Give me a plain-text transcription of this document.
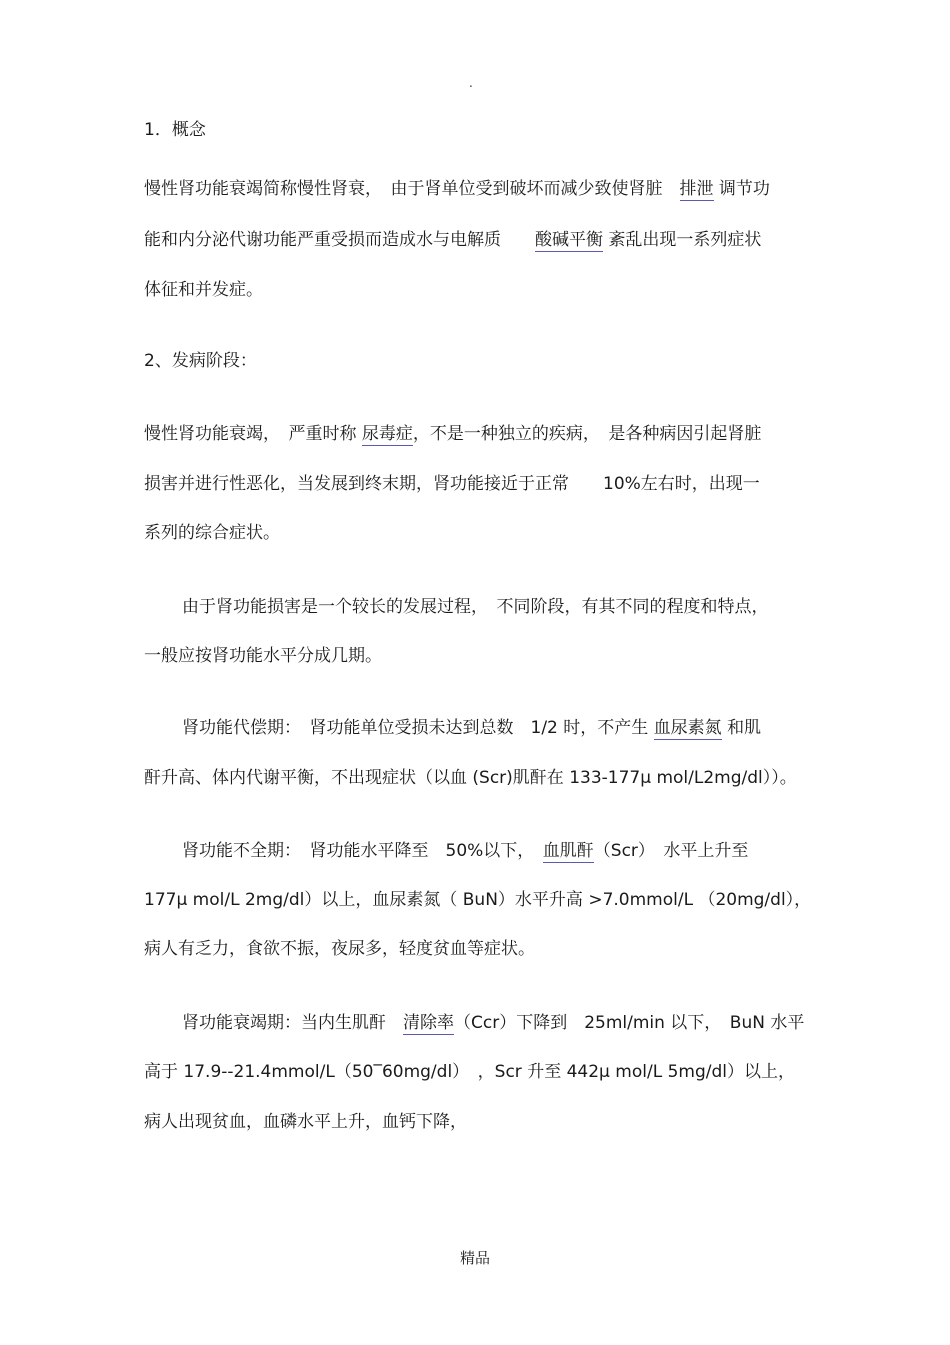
.
1．概念
慢性肾功能衰竭简称慢性肾衰，　由于肾单位受到破坏而减少致使肾脏　排泄 调节功
能和内分泌代谢功能严重受损而造成水与电解质　　酸碱平衡 紊乱出现一系列症状
体征和并发症。
2、发病阶段：
慢性肾功能衰竭，　严重时称 尿毒症，不是一种独立的疾病，　是各种病因引起肾脏
损害并进行性恶化，当发展到终末期，肾功能接近于正常　　10%左右时，出现一
系列的综合症状。
由于肾功能损害是一个较长的发展过程，　不同阶段，有其不同的程度和特点，
一般应按肾功能水平分成几期。
肾功能代偿期：　肾功能单位受损未达到总数　1/2 时，不产生 血尿素氮 和肌
酐升高、体内代谢平衡，不出现症状（以血 (Scr)肌酐在 133-177µ mol/L2mg/dl））。
肾功能不全期：　肾功能水平降至　50%以下，　血肌酐（Scr）　水平上升至
177µ mol/L 2mg/dl）以上，血尿素氮（ BuN）水平升高 >7.0mmol/L （20mg/dl），
病人有乏力，食欲不振，夜尿多，轻度贫血等症状。
肾功能衰竭期：当内生肌酐　清除率（Ccr）下降到　25ml/min 以下，　BuN 水平
高于 17.9--21.4mmol/L（50‾60mg/dl）　，Scr 升至 442µ mol/L 5mg/dl）以上，
病人出现贫血，血磷水平上升，血钙下降，
精品
